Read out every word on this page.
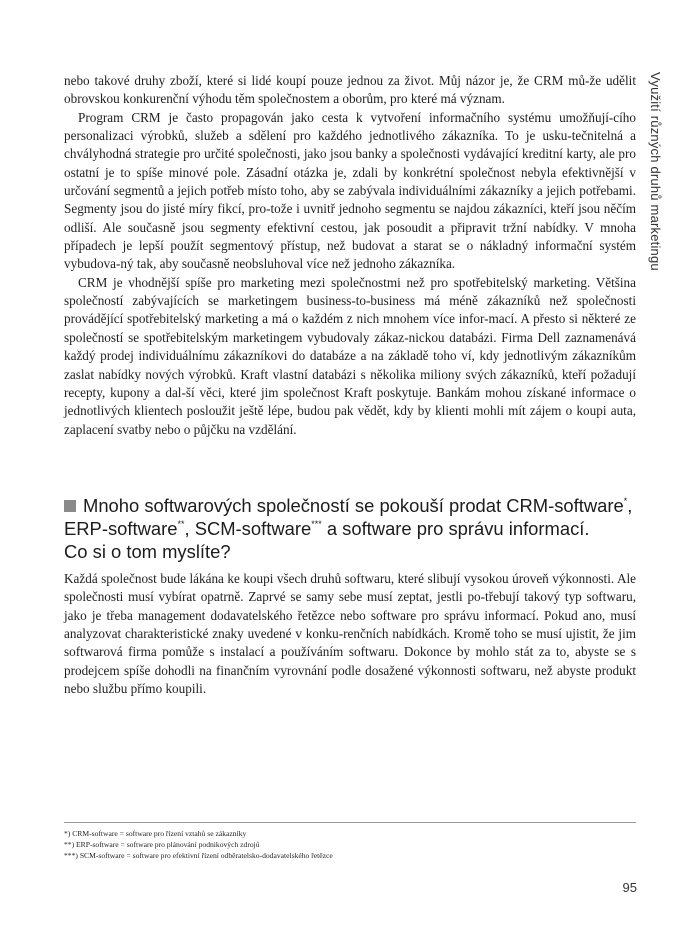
Využití různých druhů marketingu

nebo takové druhy zboží, které si lidé koupí pouze jednou za život. Můj názor je, že CRM mů-že udělit obrovskou konkurenční výhodu těm společnostem a oborům, pro které má význam.

Program CRM je často propagován jako cesta k vytvoření informačního systému umožňují-cího personalizaci výrobků, služeb a sdělení pro každého jednotlivého zákazníka. To je usku-tečnitelná a chvályhodná strategie pro určité společnosti, jako jsou banky a společnosti vydávající kreditní karty, ale pro ostatní je to spíše minové pole. Zásadní otázka je, zdali by konkrétní společnost nebyla efektivnější v určování segmentů a jejich potřeb místo toho, aby se zabývala individuálními zákazníky a jejich potřebami. Segmenty jsou do jisté míry fikcí, pro-tože i uvnitř jednoho segmentu se najdou zákazníci, kteří jsou něčím odliší. Ale současně jsou segmenty efektivní cestou, jak posoudit a připravit tržní nabídky. V mnoha případech je lepší použít segmentový přístup, než budovat a starat se o nákladný informační systém vybudova-ný tak, aby současně neobsluhoval více než jednoho zákazníka.

CRM je vhodnější spíše pro marketing mezi společnostmi než pro spotřebitelský marketing. Většina společností zabývajících se marketingem business-to-business má méně zákazníků než společnosti provádějící spotřebitelský marketing a má o každém z nich mnohem více infor-mací. A přesto si některé ze společností se spotřebitelským marketingem vybudovaly zákaz-nickou databázi. Firma Dell zaznamenává každý prodej individuálnímu zákazníkovi do databáze a na základě toho ví, kdy jednotlivým zákazníkům zaslat nabídky nových výrobků. Kraft vlastní databázi s několika miliony svých zákazníků, kteří požadují recepty, kupony a dal-ší věci, které jim společnost Kraft poskytuje. Bankám mohou získané informace o jednotlivých klientech posloužit ještě lépe, budou pak vědět, kdy by klienti mohli mít zájem o koupi auta, zaplacení svatby nebo o půjčku na vzdělání.

Mnoho softwarových společností se pokouší prodat CRM-software*,
ERP-software**, SCM-software*** a software pro správu informací.
Co si o tom myslíte?

Každá společnost bude lákána ke koupi všech druhů softwaru, které slibují vysokou úroveň výkonnosti. Ale společnosti musí vybírat opatrně. Zaprvé se samy sebe musí zeptat, jestli po-třebují takový typ softwaru, jako je třeba management dodavatelského řetězce nebo software pro správu informací. Pokud ano, musí analyzovat charakteristické znaky uvedené v konku-renčních nabídkách. Kromě toho se musí ujistit, že jim softwarová firma pomůže s instalací a používáním softwaru. Dokonce by mohlo stát za to, abyste se s prodejcem spíše dohodli na finančním vyrovnání podle dosažené výkonnosti softwaru, než abyste produkt nebo službu přímo koupili.

*) CRM-software = software pro řízení vztahů se zákazníky

**) ERP-software = software pro plánování podnikových zdrojů

***) SCM-software = software pro efektivní řízení odběratelsko-dodavatelského řetězce

95
